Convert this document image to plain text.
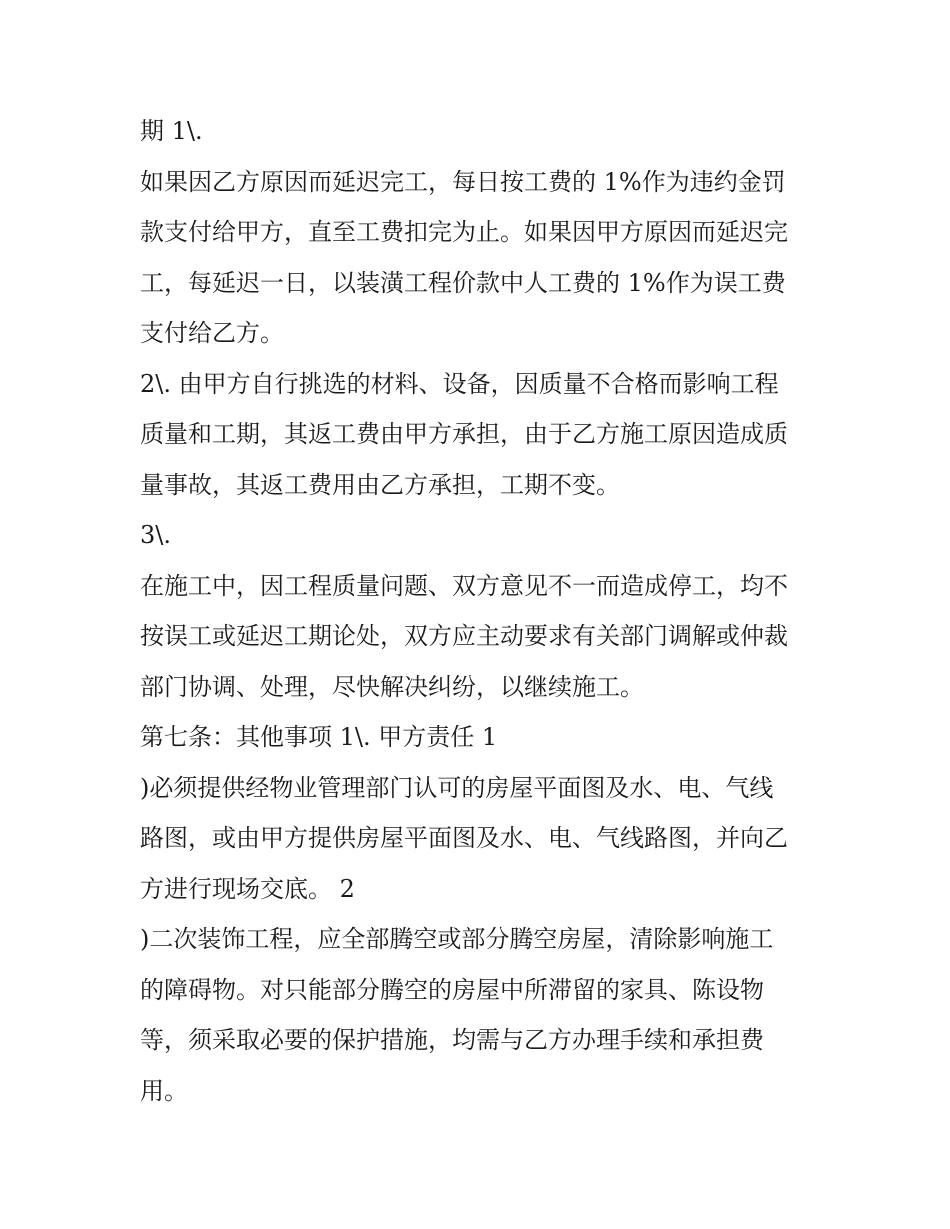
期 1\.
如果因乙方原因而延迟完工，每日按工费的 1%作为违约金罚
款支付给甲方，直至工费扣完为止。如果因甲方原因而延迟完
工，每延迟一日，以装潢工程价款中人工费的 1%作为误工费
支付给乙方。
2\. 由甲方自行挑选的材料、设备，因质量不合格而影响工程
质量和工期，其返工费由甲方承担，由于乙方施工原因造成质
量事故，其返工费用由乙方承担，工期不变。
3\.
在施工中，因工程质量问题、双方意见不一而造成停工，均不
按误工或延迟工期论处，双方应主动要求有关部门调解或仲裁
部门协调、处理，尽快解决纠纷，以继续施工。
第七条：其他事项 1\. 甲方责任 1
)必须提供经物业管理部门认可的房屋平面图及水、电、气线
路图，或由甲方提供房屋平面图及水、电、气线路图，并向乙
方进行现场交底。 2
)二次装饰工程，应全部腾空或部分腾空房屋，清除影响施工
的障碍物。对只能部分腾空的房屋中所滞留的家具、陈设物
等，须采取必要的保护措施，均需与乙方办理手续和承担费
用。
